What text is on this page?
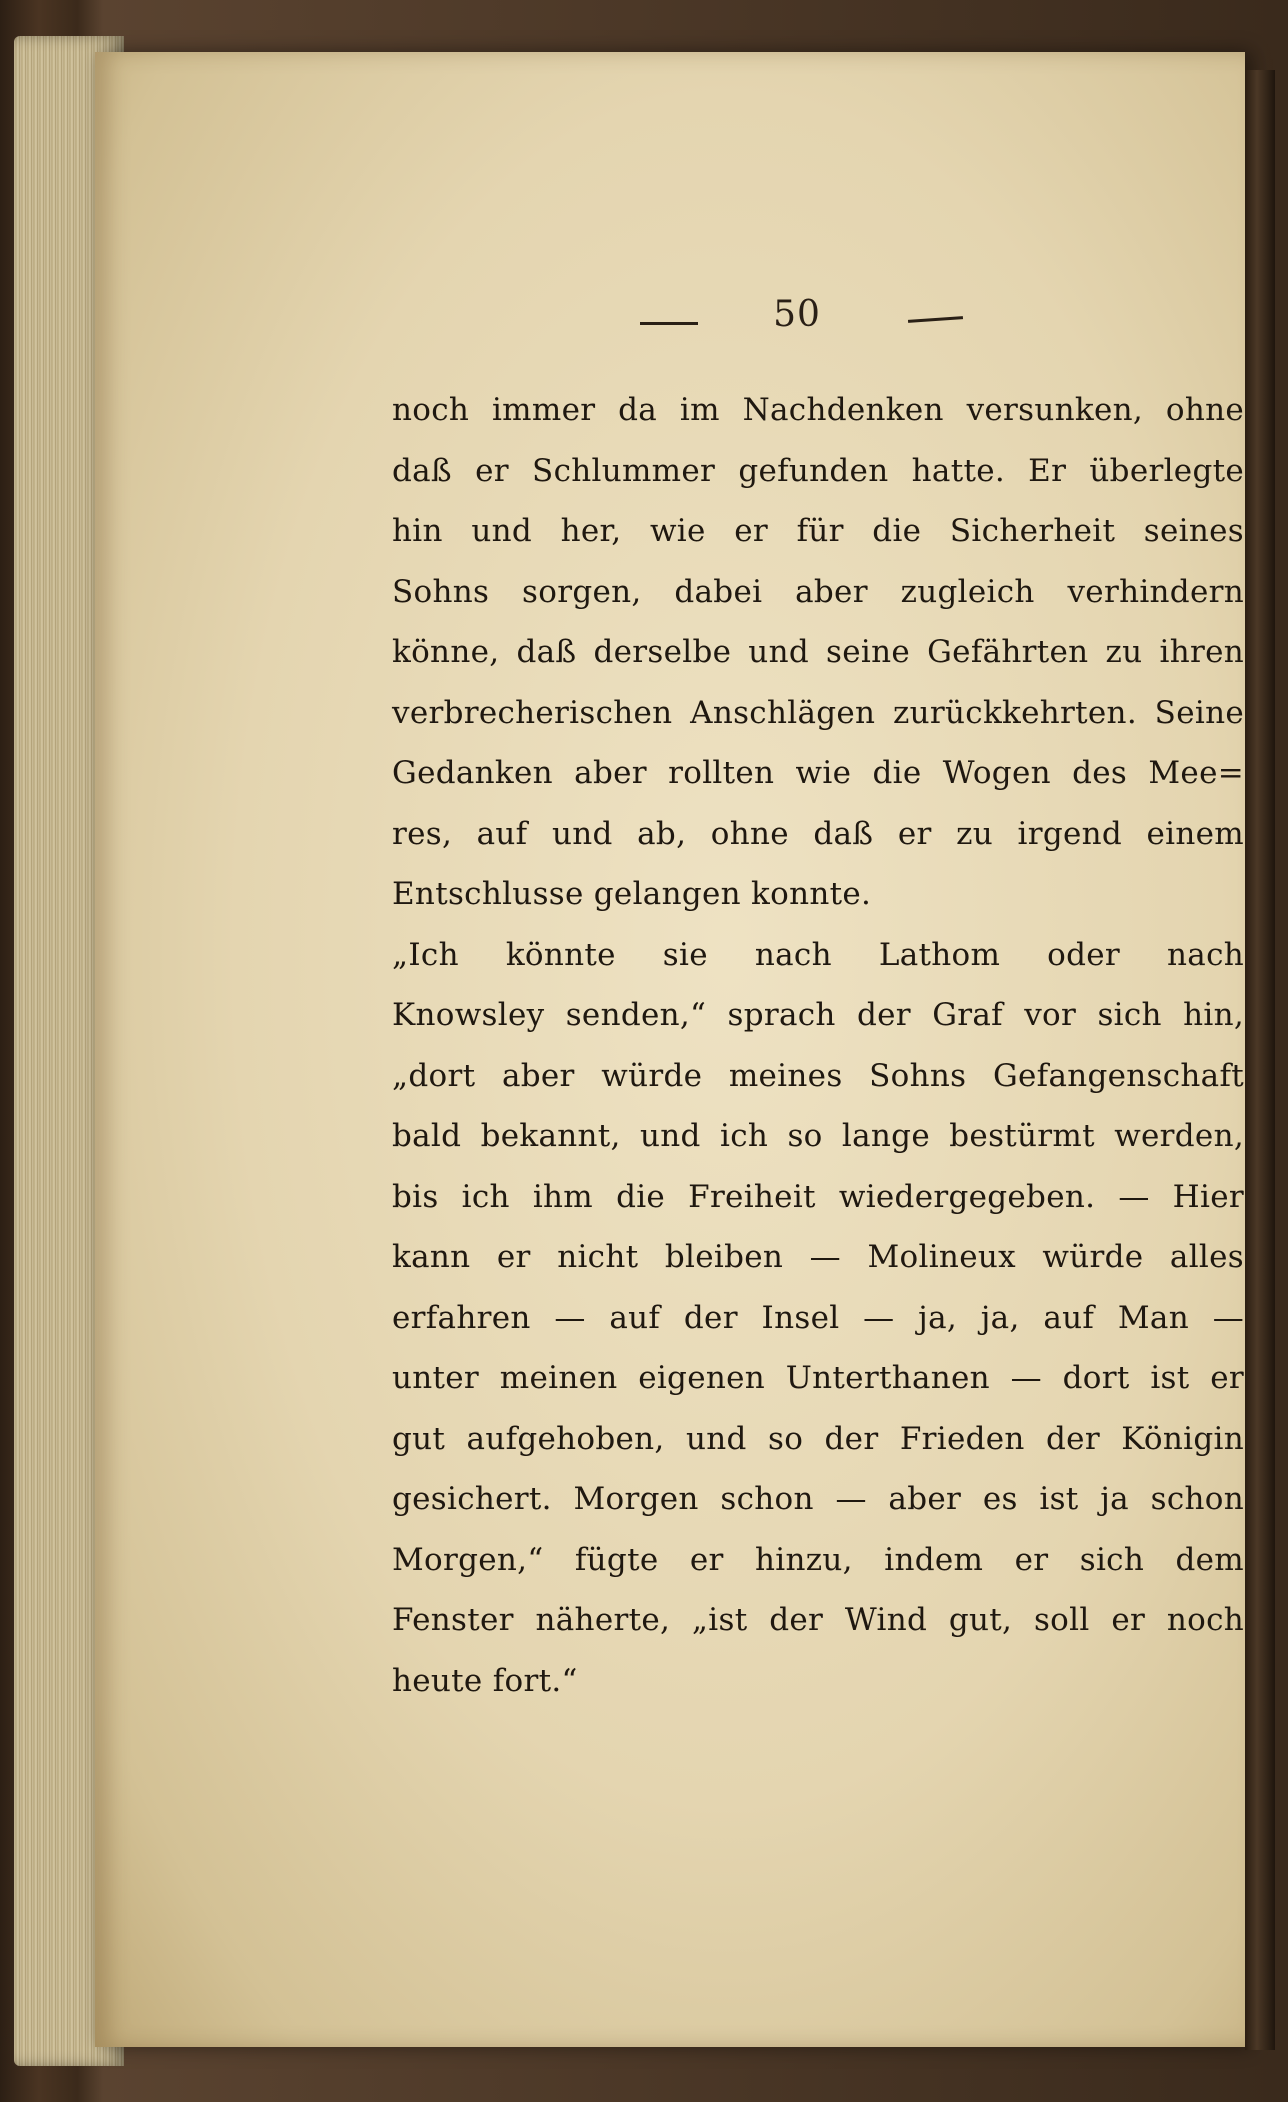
50
noch immer da im Nachdenken versunken, ohne
daß er Schlummer gefunden hatte. Er überlegte
hin und her, wie er für die Sicherheit seines
Sohns sorgen, dabei aber zugleich verhindern
könne, daß derselbe und seine Gefährten zu ihren
verbrecherischen Anschlägen zurückkehrten. Seine
Gedanken aber rollten wie die Wogen des Mee=
res, auf und ab, ohne daß er zu irgend einem
Entschlusse gelangen konnte.
„Ich könnte sie nach Lathom oder nach
Knowsley senden,“ sprach der Graf vor sich hin,
„dort aber würde meines Sohns Gefangenschaft
bald bekannt, und ich so lange bestürmt werden,
bis ich ihm die Freiheit wiedergegeben. — Hier
kann er nicht bleiben — Molineux würde alles
erfahren — auf der Insel — ja, ja, auf Man —
unter meinen eigenen Unterthanen — dort ist er
gut aufgehoben, und so der Frieden der Königin
gesichert. Morgen schon — aber es ist ja schon
Morgen,“ fügte er hinzu, indem er sich dem
Fenster näherte, „ist der Wind gut, soll er noch
heute fort.“
